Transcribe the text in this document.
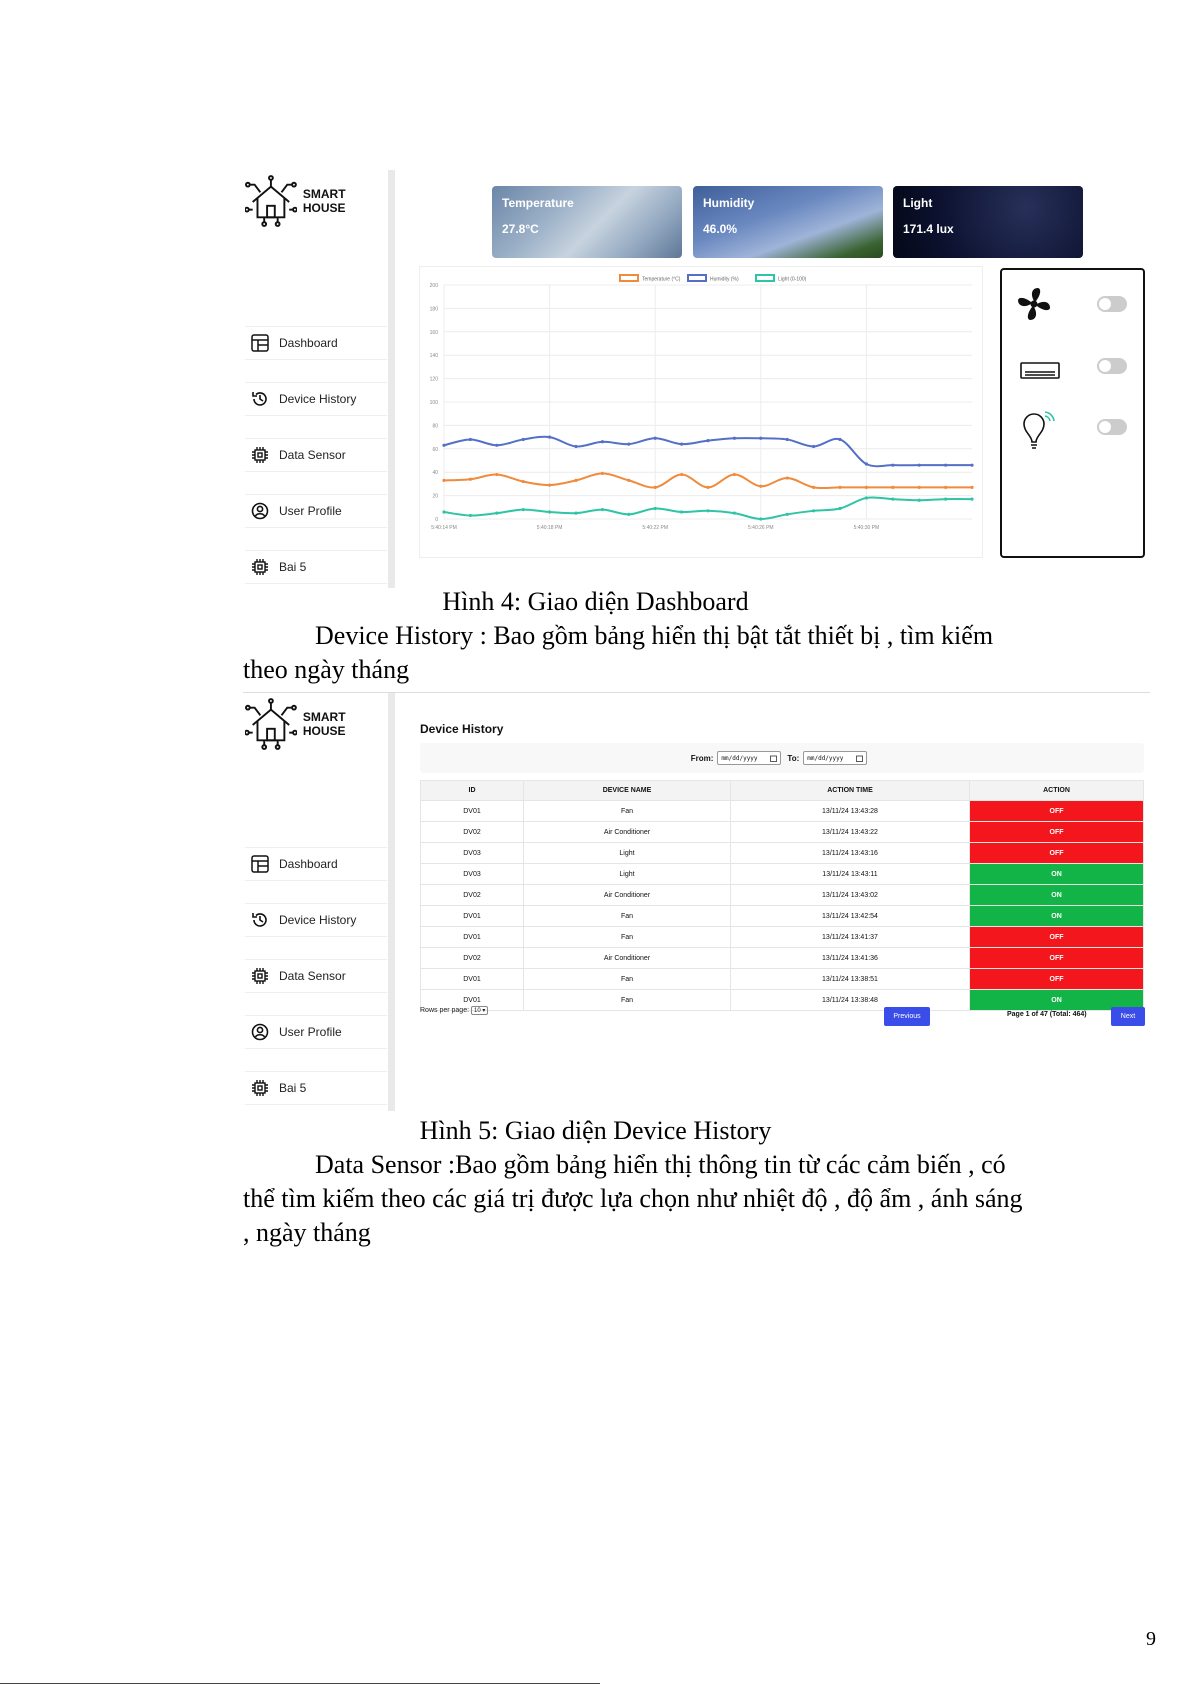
SMART HOUSE
Dashboard
Device History
Data Sensor
User Profile
Bai 5
Temperature
27.8°C
Humidity
46.0%
Light
171.4 lux
0
20
40
60
80
100
120
140
160
180
200
5:40:14 PM	5:40:18 PM	5:40:22 PM	5:40:26 PM	5:40:30 PM
Temperature (°C)	Humidity (%)	Light (0-100)
Hình 4: Giao diện Dashboard
Device History : Bao gồm bảng hiển thị bật tắt thiết bị , tìm kiếm
theo ngày tháng
SMART HOUSE
Dashboard
Device History
Data Sensor
User Profile
Bai 5
Device History
From: mm/dd/yyyy	To: mm/dd/yyyy
ID	DEVICE NAME	ACTION TIME	ACTION
DV01	Fan	13/11/24 13:43:28	OFF
DV02	Air Conditioner	13/11/24 13:43:22	OFF
DV03	Light	13/11/24 13:43:16	OFF
DV03	Light	13/11/24 13:43:11	ON
DV02	Air Conditioner	13/11/24 13:43:02	ON
DV01	Fan	13/11/24 13:42:54	ON
DV01	Fan	13/11/24 13:41:37	OFF
DV02	Air Conditioner	13/11/24 13:41:36	OFF
DV01	Fan	13/11/24 13:38:51	OFF
DV01	Fan	13/11/24 13:38:48	ON
Rows per page: 10 ▾
Previous	Page 1 of 47 (Total: 464)	Next
Hình 5: Giao diện Device History
Data Sensor :Bao gồm bảng hiển thị thông tin từ các cảm biến , có
thể tìm kiếm theo các giá trị được lựa chọn như nhiệt độ , độ ẩm , ánh sáng
, ngày tháng
9
